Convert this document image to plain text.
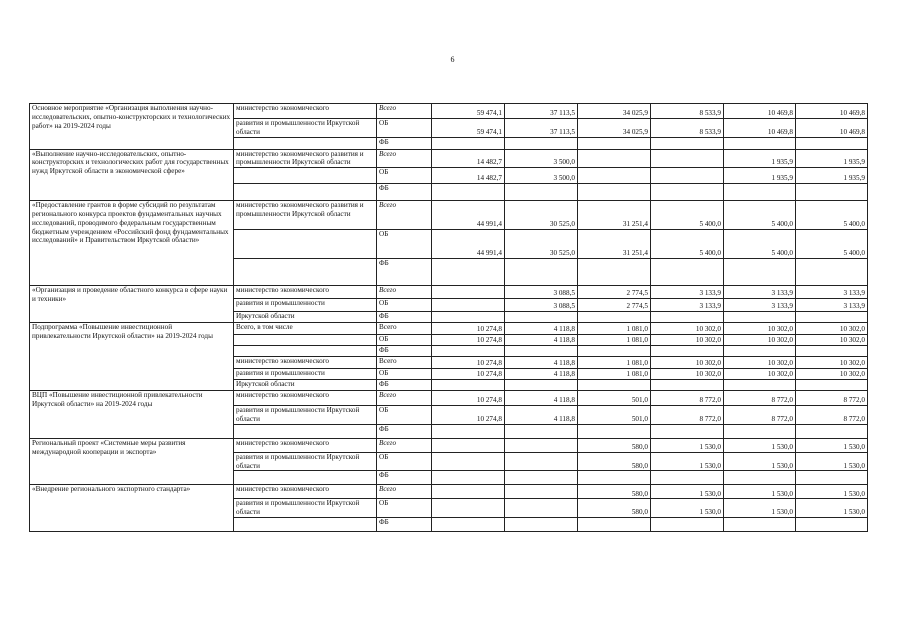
6
Основное мероприятие «Организация выполнения научно-исследовательских, опытно-конструкторских и технологических работ» на 2019-2024 годы	министерство экономического	Всего	59 474,1	37 113,5	34 025,9	8 533,9	10 469,8	10 469,8
	развития и промышленности Иркутской области	ОБ	59 474,1	37 113,5	34 025,9	8 533,9	10 469,8	10 469,8
		ФБ						
«Выполнение научно-исследовательских, опытно-конструкторских и технологических работ для государственных нужд Иркутской области в экономической сфере»	министерство экономического развития и промышленности Иркутской области	Всего	14 482,7	3 500,0			1 935,9	1 935,9
		ОБ	14 482,7	3 500,0			1 935,9	1 935,9
		ФБ						
«Предоставление грантов в форме субсидий по результатам регионального конкурса проектов фундаментальных научных исследований, проводимого федеральным государственным бюджетным учреждением «Российский фонд фундаментальных исследований» и Правительством Иркутской области»	министерство экономического развития и промышленности Иркутской области	Всего	44 991,4	30 525,0	31 251,4	5 400,0	5 400,0	5 400,0
		ОБ	44 991,4	30 525,0	31 251,4	5 400,0	5 400,0	5 400,0
		ФБ						
«Организация и проведение областного конкурса в сфере науки и техники»	министерство экономического	Всего		3 088,5	2 774,5	3 133,9	3 133,9	3 133,9
	развития и промышленности	ОБ		3 088,5	2 774,5	3 133,9	3 133,9	3 133,9
	Иркутской области	ФБ						
Подпрограмма «Повышение инвестиционной привлекательности Иркутской области» на 2019-2024 годы	Всего, в том числе	Всего	10 274,8	4 118,8	1 081,0	10 302,0	10 302,0	10 302,0
		ОБ	10 274,8	4 118,8	1 081,0	10 302,0	10 302,0	10 302,0
		ФБ						
	министерство экономического	Всего	10 274,8	4 118,8	1 081,0	10 302,0	10 302,0	10 302,0
	развития и промышленности	ОБ	10 274,8	4 118,8	1 081,0	10 302,0	10 302,0	10 302,0
	Иркутской области	ФБ						
ВЦП «Повышение инвестиционной привлекательности Иркутской области» на 2019-2024 годы	министерство экономического	Всего	10 274,8	4 118,8	501,0	8 772,0	8 772,0	8 772,0
	развития и промышленности Иркутской области	ОБ	10 274,8	4 118,8	501,0	8 772,0	8 772,0	8 772,0
		ФБ						
Региональный проект «Системные меры развития международной кооперации и экспорта»	министерство экономического	Всего			580,0	1 530,0	1 530,0	1 530,0
	развития и промышленности Иркутской области	ОБ			580,0	1 530,0	1 530,0	1 530,0
		ФБ						
«Внедрение регионального экспортного стандарта»	министерство экономического	Всего			580,0	1 530,0	1 530,0	1 530,0
	развития и промышленности Иркутской области	ОБ			580,0	1 530,0	1 530,0	1 530,0
		ФБ						
